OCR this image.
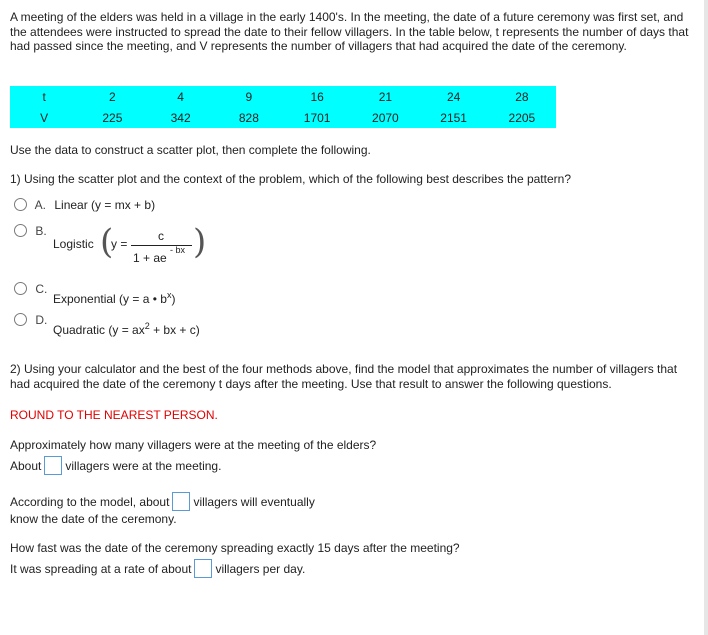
A meeting of the elders was held in a village in the early 1400's. In the meeting, the date of a future ceremony was first set, and the attendees were instructed to spread the date to their fellow villagers. In the table below, t represents the number of days that had passed since the meeting, and V represents the number of villagers that had acquired the date of the ceremony.
t	2	4	9	16	21	24	28
V	225	342	828	1701	2070	2151	2205
Use the data to construct a scatter plot, then complete the following.
1) Using the scatter plot and the context of the problem, which of the following best describes the pattern?
A. Linear (y = mx + b)
B.
Logistic (
y =
c
1 + ae
- bx )
C.
Exponential (y = a • $b^x$)
D.
Quadratic ($y = ax^2$ + bx + c)
2) Using your calculator and the best of the four methods above, find the model that approximates the number of villagers that had acquired the date of the ceremony t days after the meeting. Use that result to answer the following questions.
ROUND TO THE NEAREST PERSON.
Approximately how many villagers were at the meeting of the elders?
About villagers were at the meeting.
According to the model, about villagers will eventually
know the date of the ceremony.
How fast was the date of the ceremony spreading exactly 15 days after the meeting?
It was spreading at a rate of about villagers per day.
